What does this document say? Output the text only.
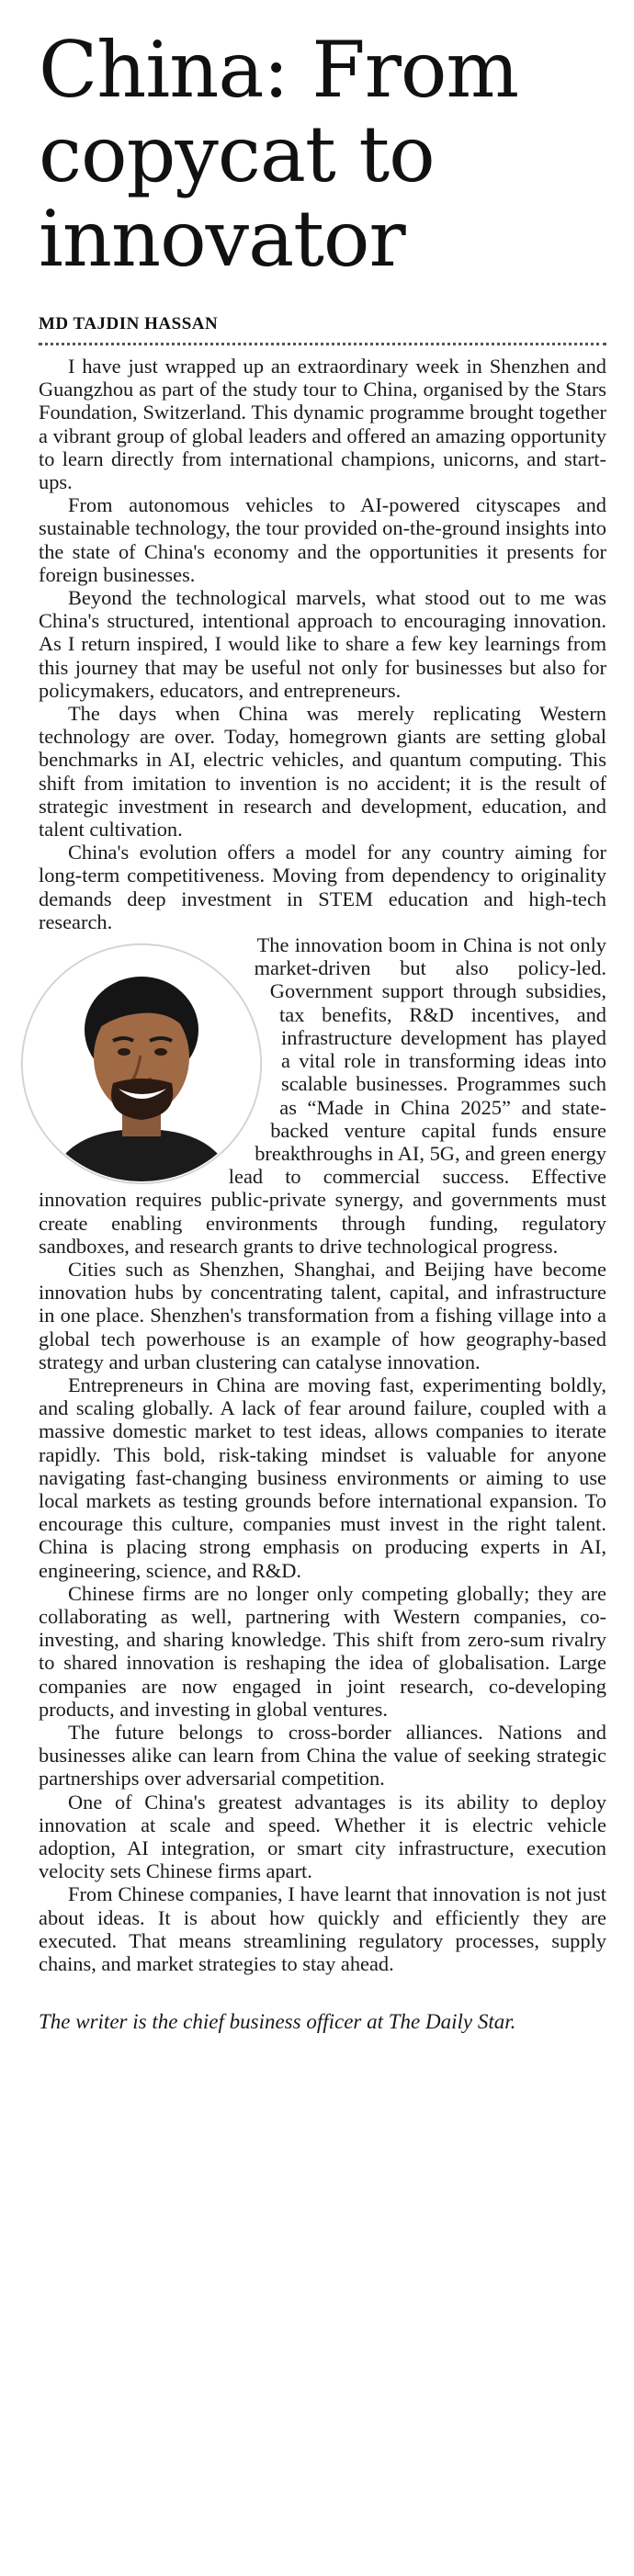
China: From copycat to innovator
MD TAJDIN HASSAN

I have just wrapped up an extraordinary week in Shenzhen and Guangzhou as part of the study tour to China, organised by the Stars Foundation, Switzerland. This dynamic programme brought together a vibrant group of global leaders and offered an amazing opportunity to learn directly from international champions, unicorns, and start-ups.

From autonomous vehicles to AI-powered cityscapes and sustainable technology, the tour provided on-the-ground insights into the state of China's economy and the opportunities it presents for foreign businesses.

Beyond the technological marvels, what stood out to me was China's structured, intentional approach to encouraging innovation. As I return inspired, I would like to share a few key learnings from this journey that may be useful not only for businesses but also for policymakers, educators, and entrepreneurs.

The days when China was merely replicating Western technology are over. Today, homegrown giants are setting global benchmarks in AI, electric vehicles, and quantum computing. This shift from imitation to invention is no accident; it is the result of strategic investment in research and development, education, and talent cultivation.

China's evolution offers a model for any country aiming for long-term competitiveness. Moving from dependency to originality demands deep investment in STEM education and high-tech research.

The innovation boom in China is not only market-driven but also policy-led. Government support through subsidies, tax benefits, R&D incentives, and infrastructure development has played a vital role in transforming ideas into scalable businesses. Programmes such as “Made in China 2025” and state-backed venture capital funds ensure breakthroughs in AI, 5G, and green energy lead to commercial success. Effective innovation requires public-private synergy, and governments must create enabling environments through funding, regulatory sandboxes, and research grants to drive technological progress.

Cities such as Shenzhen, Shanghai, and Beijing have become innovation hubs by concentrating talent, capital, and infrastructure in one place. Shenzhen's transformation from a fishing village into a global tech powerhouse is an example of how geography-based strategy and urban clustering can catalyse innovation.

Entrepreneurs in China are moving fast, experimenting boldly, and scaling globally. A lack of fear around failure, coupled with a massive domestic market to test ideas, allows companies to iterate rapidly. This bold, risk-taking mindset is valuable for anyone navigating fast-changing business environments or aiming to use local markets as testing grounds before international expansion. To encourage this culture, companies must invest in the right talent. China is placing strong emphasis on producing experts in AI, engineering, science, and R&D.

Chinese firms are no longer only competing globally; they are collaborating as well, partnering with Western companies, co-investing, and sharing knowledge. This shift from zero-sum rivalry to shared innovation is reshaping the idea of globalisation. Large companies are now engaged in joint research, co-developing products, and investing in global ventures.

The future belongs to cross-border alliances. Nations and businesses alike can learn from China the value of seeking strategic partnerships over adversarial competition.

One of China's greatest advantages is its ability to deploy innovation at scale and speed. Whether it is electric vehicle adoption, AI integration, or smart city infrastructure, execution velocity sets Chinese firms apart.

From Chinese companies, I have learnt that innovation is not just about ideas. It is about how quickly and efficiently they are executed. That means streamlining regulatory processes, supply chains, and market strategies to stay ahead.

The writer is the chief business officer at The Daily Star.
